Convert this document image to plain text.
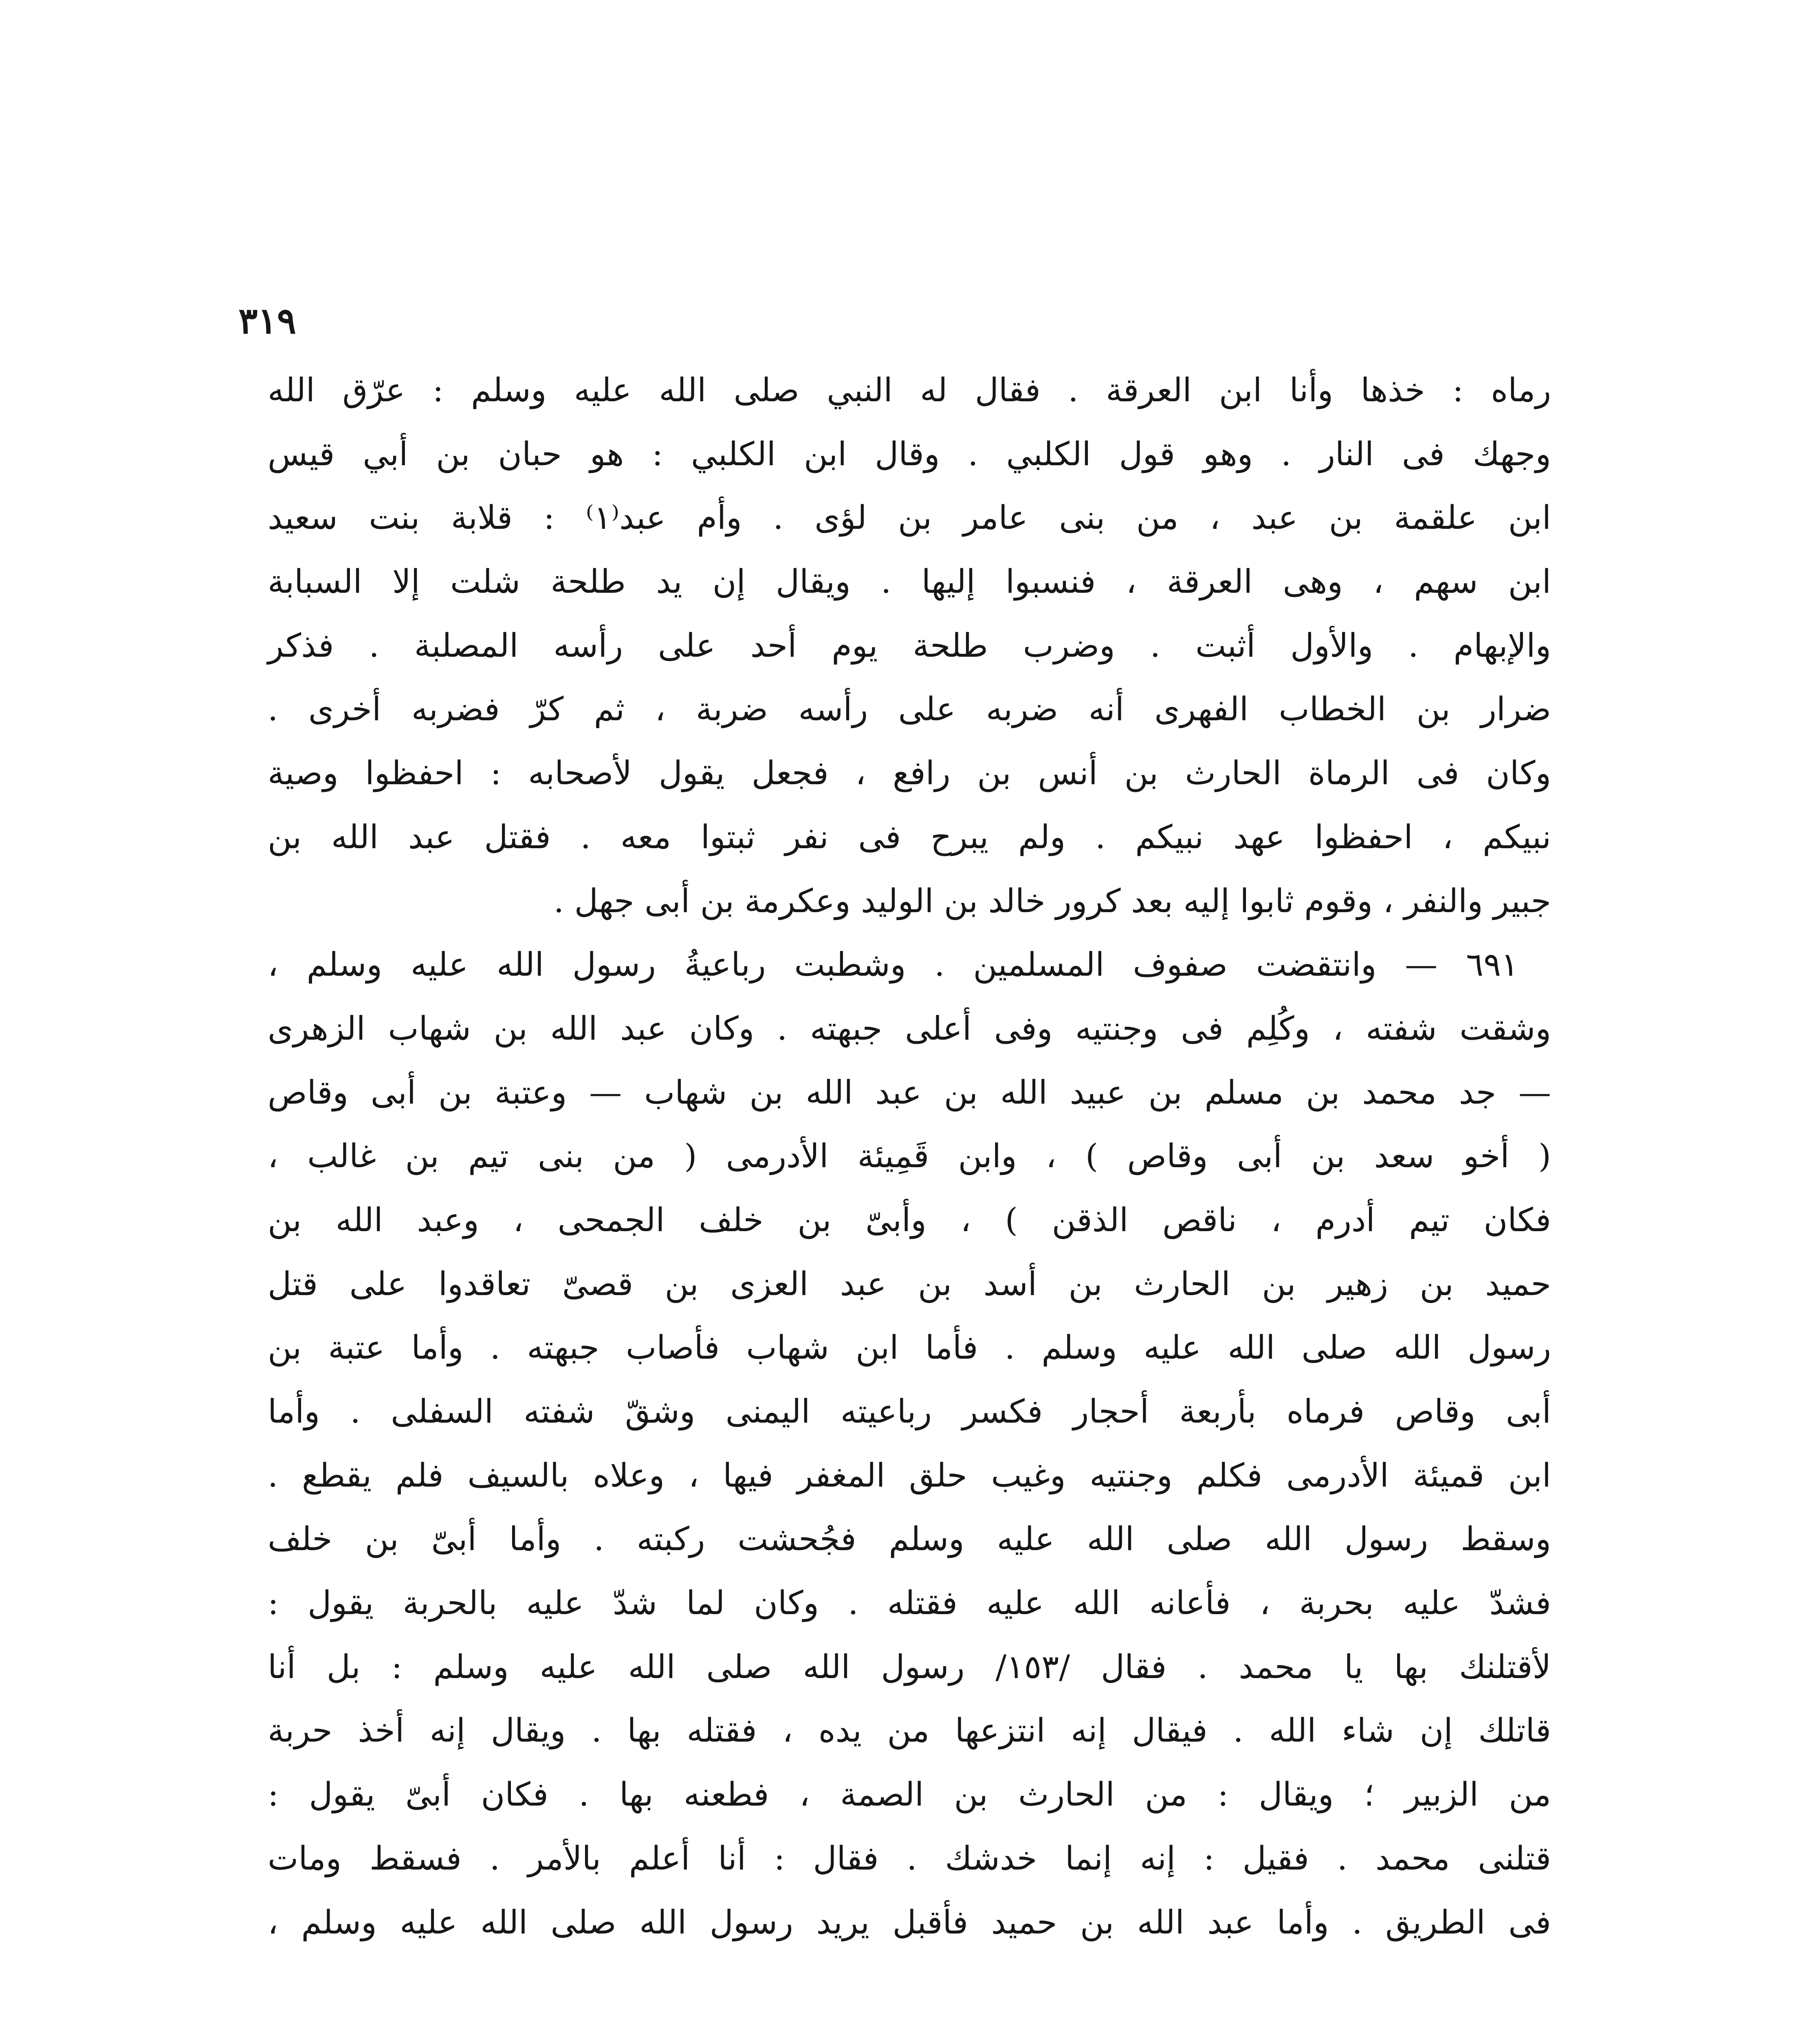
٣١٩
رماه : خذها وأنا ابن العرقة . فقال له النبي صلى الله عليه وسلم : عرّق الله
وجهك فى النار . وهو قول الكلبي . وقال ابن الكلبي : هو حبان بن أبي قيس
ابن علقمة بن عبد ، من بنى عامر بن لؤى . وأم عبد⁽١⁾ : قلابة بنت سعيد
ابن سهم ، وهى العرقة ، فنسبوا إليها . ويقال إن يد طلحة شلت إلا السبابة
والإبهام . والأول أثبت . وضرب طلحة يوم أحد على رأسه المصلبة . فذكر
ضرار بن الخطاب الفهرى أنه ضربه على رأسه ضربة ، ثم كرّ فضربه أخرى .
وكان فى الرماة الحارث بن أنس بن رافع ، فجعل يقول لأصحابه : احفظوا وصية
نبيكم ، احفظوا عهد نبيكم . ولم يبرح فى نفر ثبتوا معه . فقتل عبد الله بن
جبير والنفر ، وقوم ثابوا إليه بعد كرور خالد بن الوليد وعكرمة بن أبى جهل .
٦٩١ — وانتقضت صفوف المسلمين . وشطبت رباعيةُ رسول الله عليه وسلم ،
وشقت شفته ، وكُلِم فى وجنتيه وفى أعلى جبهته . وكان عبد الله بن شهاب الزهرى
— جد محمد بن مسلم بن عبيد الله بن عبد الله بن شهاب — وعتبة بن أبى وقاص
( أخو سعد بن أبى وقاص ) ، وابن قَمِيئة الأدرمى ( من بنى تيم بن غالب ،
فكان تيم أدرم ، ناقص الذقن ) ، وأبىّ بن خلف الجمحى ، وعبد الله بن
حميد بن زهير بن الحارث بن أسد بن عبد العزى بن قصىّ تعاقدوا على قتل
رسول الله صلى الله عليه وسلم . فأما ابن شهاب فأصاب جبهته . وأما عتبة بن
أبى وقاص فرماه بأربعة أحجار فكسر رباعيته اليمنى وشقّ شفته السفلى . وأما
ابن قميئة الأدرمى فكلم وجنتيه وغيب حلق المغفر فيها ، وعلاه بالسيف فلم يقطع .
وسقط رسول الله صلى الله عليه وسلم فجُحشت ركبته . وأما أبىّ بن خلف
فشدّ عليه بحربة ، فأعانه الله عليه فقتله . وكان لما شدّ عليه بالحربة يقول :
لأقتلنك بها يا محمد . فقال /١٥٣/ رسول الله صلى الله عليه وسلم : بل أنا
قاتلك إن شاء الله . فيقال إنه انتزعها من يده ، فقتله بها . ويقال إنه أخذ حربة
من الزبير ؛ ويقال : من الحارث بن الصمة ، فطعنه بها . فكان أبىّ يقول :
قتلنى محمد . فقيل : إنه إنما خدشك . فقال : أنا أعلم بالأمر . فسقط ومات
فى الطريق . وأما عبد الله بن حميد فأقبل يريد رسول الله صلى الله عليه وسلم ،
